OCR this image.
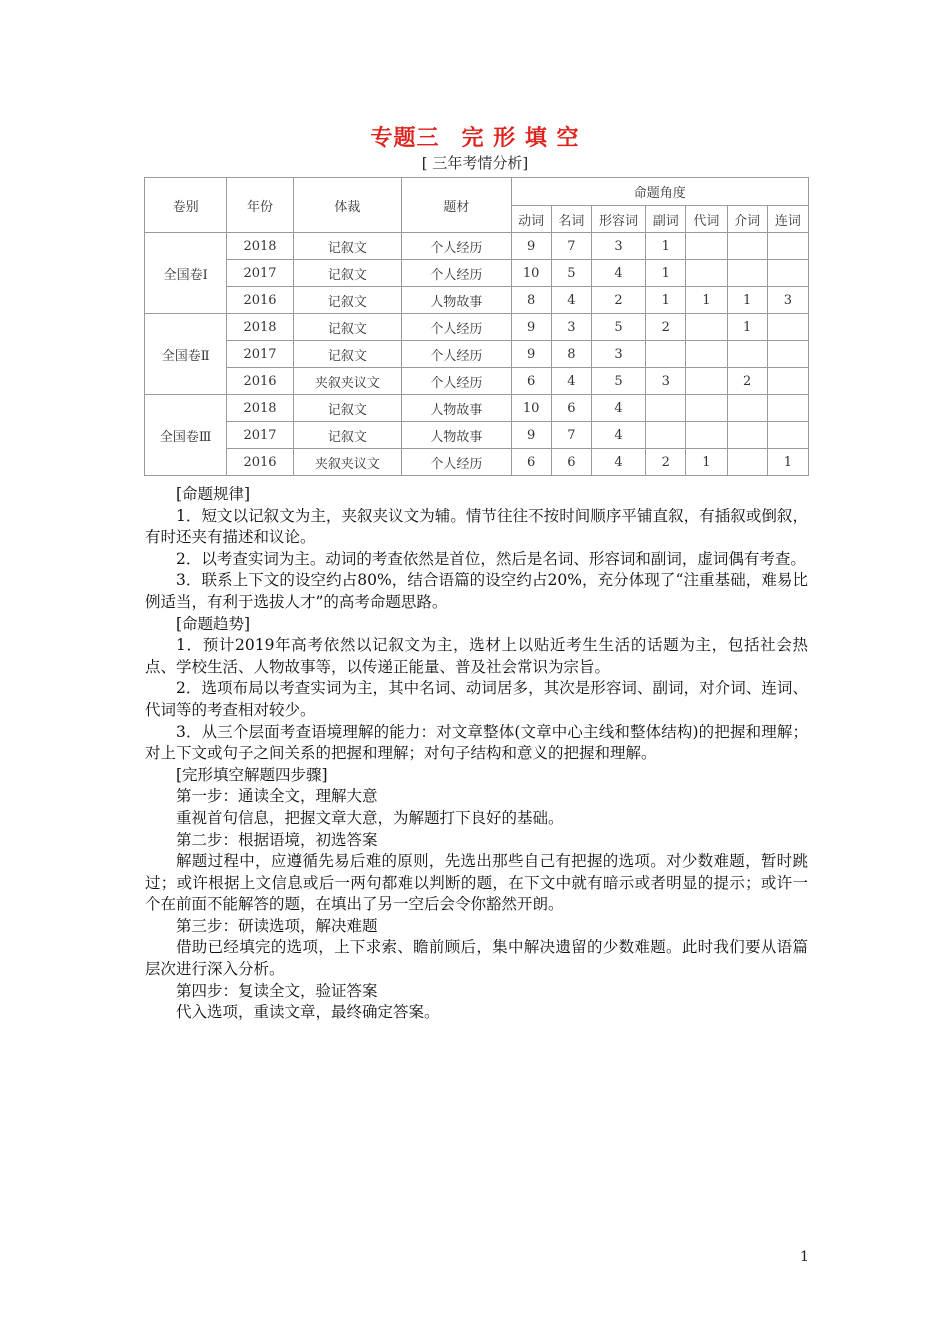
专题三 完 形 填 空
[ 三年考情分析]
卷别	年份	体裁	题材	命题角度						
				动词	名词	形容词	副词	代词	介词	连词
全国卷Ⅰ	2018	记叙文	个人经历	9	7	3	1			
	2017	记叙文	个人经历	10	5	4	1			
	2016	记叙文	人物故事	8	4	2	1	1	1	3
全国卷Ⅱ	2018	记叙文	个人经历	9	3	5	2		1	
	2017	记叙文	个人经历	9	8	3				
	2016	夹叙夹议文	个人经历	6	4	5	3		2	
全国卷Ⅲ	2018	记叙文	人物故事	10	6	4				
	2017	记叙文	人物故事	9	7	4				
	2016	夹叙夹议文	个人经历	6	6	4	2	1		1

[命题规律]

1．短文以记叙文为主，夹叙夹议文为辅。情节往往不按时间顺序平铺直叙，有插叙或倒叙，有时还夹有描述和议论。

2．以考查实词为主。动词的考查依然是首位，然后是名词、形容词和副词，虚词偶有考查。

3．联系上下文的设空约占80%，结合语篇的设空约占20%，充分体现了“注重基础，难易比例适当，有利于选拔人才”的高考命题思路。

[命题趋势]

1．预计2019年高考依然以记叙文为主，选材上以贴近考生生活的话题为主，包括社会热点、学校生活、人物故事等，以传递正能量、普及社会常识为宗旨。

2．选项布局以考查实词为主，其中名词、动词居多，其次是形容词、副词，对介词、连词、代词等的考查相对较少。

3．从三个层面考查语境理解的能力：对文章整体(文章中心主线和整体结构)的把握和理解；对上下文或句子之间关系的把握和理解；对句子结构和意义的把握和理解。

[完形填空解题四步骤]

第一步：通读全文，理解大意

重视首句信息，把握文章大意，为解题打下良好的基础。

第二步：根据语境，初选答案

解题过程中，应遵循先易后难的原则，先选出那些自己有把握的选项。对少数难题，暂时跳过；或许根据上文信息或后一两句都难以判断的题，在下文中就有暗示或者明显的提示；或许一个在前面不能解答的题，在填出了另一空后会令你豁然开朗。

第三步：研读选项，解决难题

借助已经填完的选项，上下求索、瞻前顾后，集中解决遗留的少数难题。此时我们要从语篇层次进行深入分析。

第四步：复读全文，验证答案

代入选项，重读文章，最终确定答案。

1
